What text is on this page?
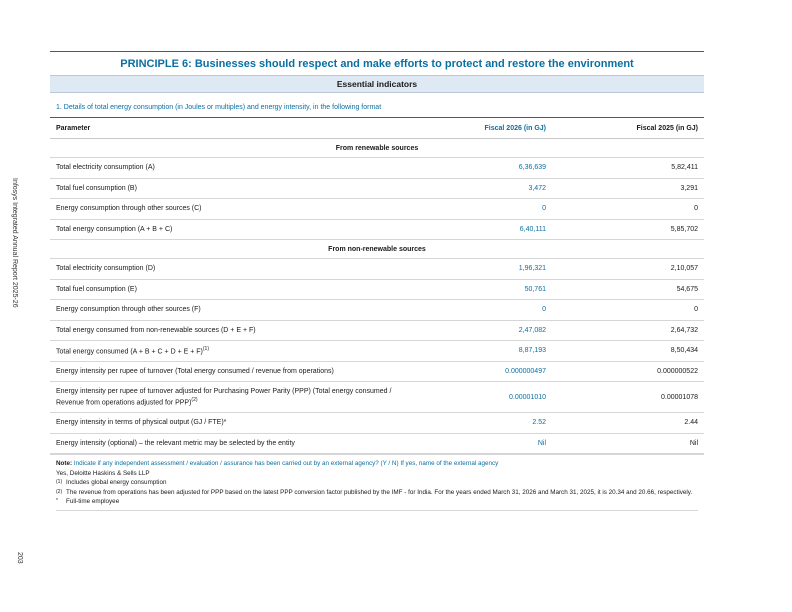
Infosys Integrated Annual Report 2025-26
203
PRINCIPLE 6: Businesses should respect and make efforts to protect and restore the environment
Essential indicators
1. Details of total energy consumption (in Joules or multiples) and energy intensity, in the following format
Parameter	Fiscal 2026 (in GJ)	Fiscal 2025 (in GJ)
From renewable sources		
Total electricity consumption (A)	6,36,639	5,82,411
Total fuel consumption (B)	3,472	3,291
Energy consumption through other sources (C)	0	0
Total energy consumption (A + B + C)	6,40,111	5,85,702
From non-renewable sources		
Total electricity consumption (D)	1,96,321	2,10,057
Total fuel consumption (E)	50,761	54,675
Energy consumption through other sources (F)	0	0
Total energy consumed from non-renewable sources (D + E + F)	2,47,082	2,64,732
Total energy consumed $(A + B + C + D + E + F)^{(1)}$	8,87,193	8,50,434
Energy intensity per rupee of turnover (Total energy consumed / revenue from operations)	0.000000497	0.000000522
Energy intensity per rupee of turnover adjusted for Purchasing Power Parity (PPP) (Total energy consumed / Revenue from operations adjusted for PPP)$^{(2)}$	0.00001010	0.00001078
Energy intensity in terms of physical output (GJ / FTE)*	2.52	2.44
Energy intensity (optional) – the relevant metric may be selected by the entity	Nil	Nil
Note: Indicate if any independent assessment / evaluation / assurance has been carried out by an external agency? (Y / N) If yes, name of the external agency
Yes, Deloitte Haskins & Sells LLP
(1) Includes global energy consumption
(2) The revenue from operations has been adjusted for PPP based on the latest PPP conversion factor published by the IMF - for India. For the years ended March 31, 2026 and March 31, 2025, it is 20.34 and 20.66, respectively.
*	Full-time employee
